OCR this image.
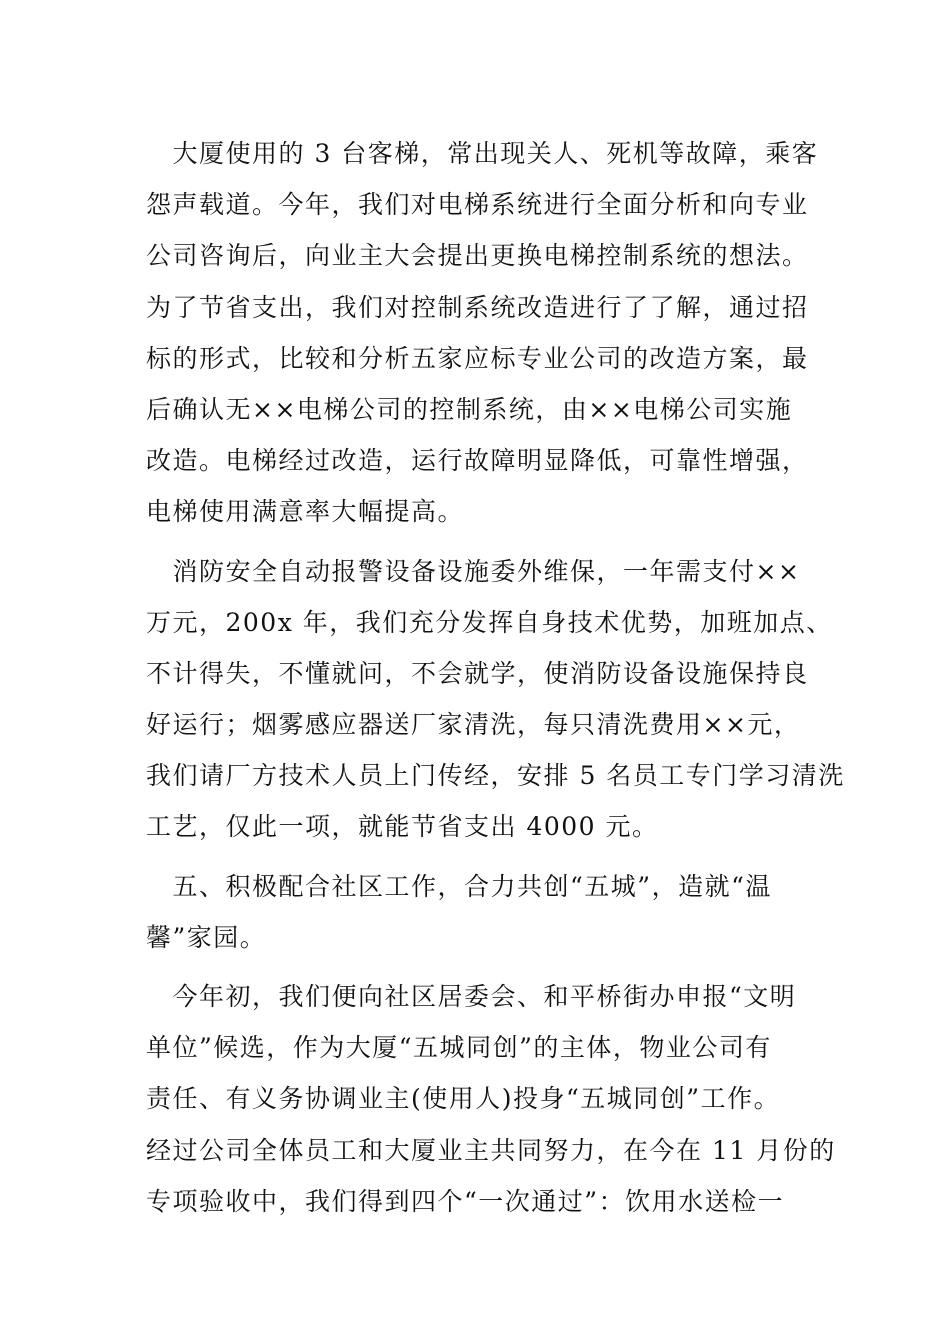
　大厦使用的 3 台客梯，常出现关人、死机等故障，乘客
怨声载道。今年，我们对电梯系统进行全面分析和向专业
公司咨询后，向业主大会提出更换电梯控制系统的想法。
为了节省支出，我们对控制系统改造进行了了解，通过招
标的形式，比较和分析五家应标专业公司的改造方案，最
后确认无××电梯公司的控制系统，由××电梯公司实施
改造。电梯经过改造，运行故障明显降低，可靠性增强，
电梯使用满意率大幅提高。
　消防安全自动报警设备设施委外维保，一年需支付××
万元，200x 年，我们充分发挥自身技术优势，加班加点、
不计得失，不懂就问，不会就学，使消防设备设施保持良
好运行；烟雾感应器送厂家清洗，每只清洗费用××元，
我们请厂方技术人员上门传经，安排 5 名员工专门学习清洗
工艺，仅此一项，就能节省支出 4000 元。
　五、积极配合社区工作，合力共创“五城”，造就“温
馨”家园。
　今年初，我们便向社区居委会、和平桥街办申报“文明
单位”候选，作为大厦“五城同创”的主体，物业公司有
责任、有义务协调业主(使用人)投身“五城同创”工作。
经过公司全体员工和大厦业主共同努力，在今在 11 月份的
专项验收中，我们得到四个“一次通过”：饮用水送检一
